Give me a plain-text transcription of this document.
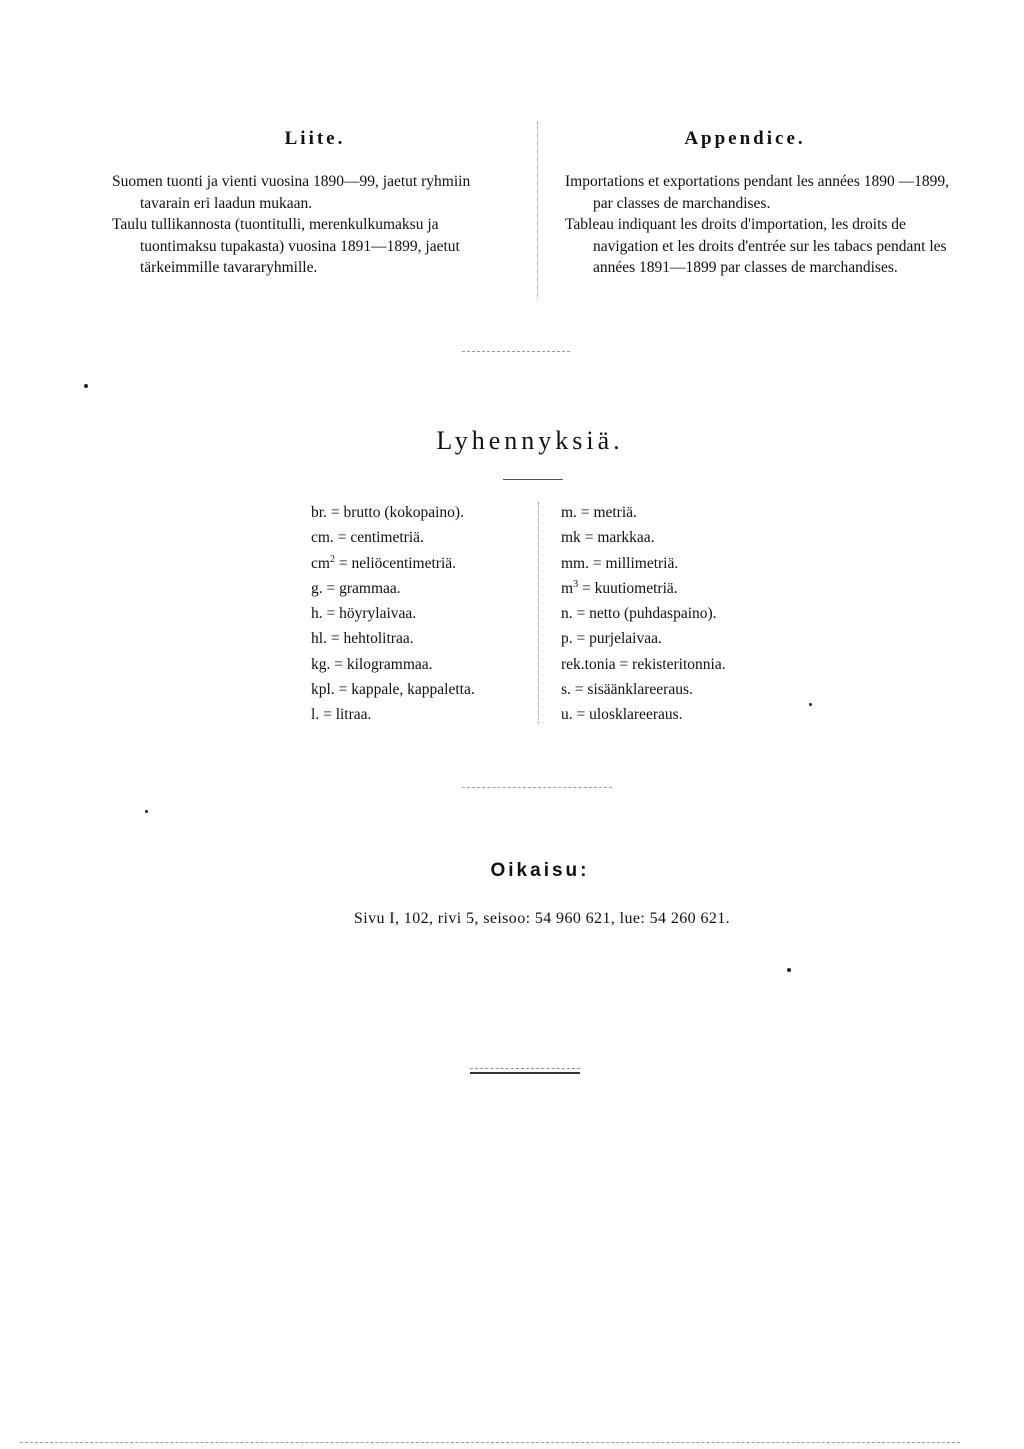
Liite.

Suomen tuonti ja vienti vuosina 1890—99, jaetut ryhmiin tavarain eri laadun mukaan.

Taulu tullikannosta (tuontitulli, merenkulkumaksu ja tuontimaksu tupakasta) vuosina 1891—1899, jaetut tärkeimmille tavararyhmille.

Appendice.

Importations et exportations pendant les années 1890 —1899, par classes de marchandises.

Tableau indiquant les droits d'importation, les droits de navigation et les droits d'entrée sur les tabacs pendant les années 1891—1899 par classes de marchandises.

Lyhennyksiä.
br. = brutto (kokopaino).
cm. = centimetriä.
$cm^2$ = neliöcentimetriä.
g. = grammaa.
h. = höyrylaivaa.
hl. = hehtolitraa.
kg. = kilogrammaa.
kpl. = kappale, kappaletta.
l. = litraa.
m. = metriä.
mk = markkaa.
mm. = millimetriä.
$m^3$ = kuutiometriä.
n. = netto (puhdaspaino).
p. = purjelaivaa.
rek.tonia = rekisteritonnia.
s. = sisäänklareeraus.
u. = ulosklareeraus.
Oikaisu:
Sivu I, 102, rivi 5, seisoo: 54 960 621, lue: 54 260 621.
